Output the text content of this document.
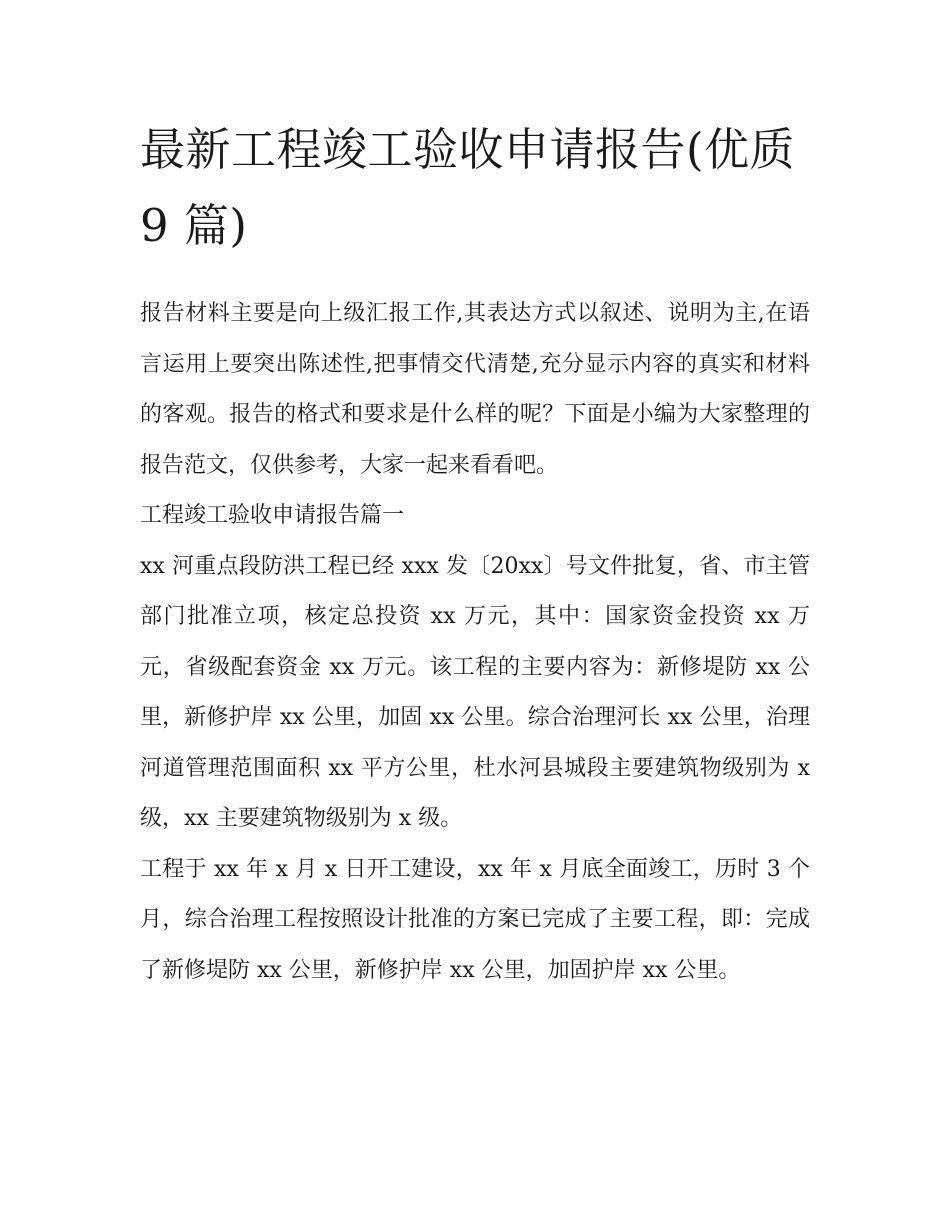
最新工程竣工验收申请报告(优质 9 篇)

报告材料主要是向上级汇报工作,其表达方式以叙述、说明为主,在语言运用上要突出陈述性,把事情交代清楚,充分显示内容的真实和材料的客观。报告的格式和要求是什么样的呢？下面是小编为大家整理的报告范文，仅供参考，大家一起来看看吧。

工程竣工验收申请报告篇一

xx 河重点段防洪工程已经 xxx 发〔20xx〕号文件批复，省、市主管部门批准立项，核定总投资 xx 万元，其中：国家资金投资 xx 万元，省级配套资金 xx 万元。该工程的主要内容为：新修堤防 xx 公里，新修护岸 xx 公里，加固 xx 公里。综合治理河长 xx 公里，治理河道管理范围面积 xx 平方公里，杜水河县城段主要建筑物级别为 x 级，xx 主要建筑物级别为 x 级。

工程于 xx 年 x 月 x 日开工建设，xx 年 x 月底全面竣工，历时 3 个月，综合治理工程按照设计批准的方案已完成了主要工程，即：完成了新修堤防 xx 公里，新修护岸 xx 公里，加固护岸 xx 公里。
